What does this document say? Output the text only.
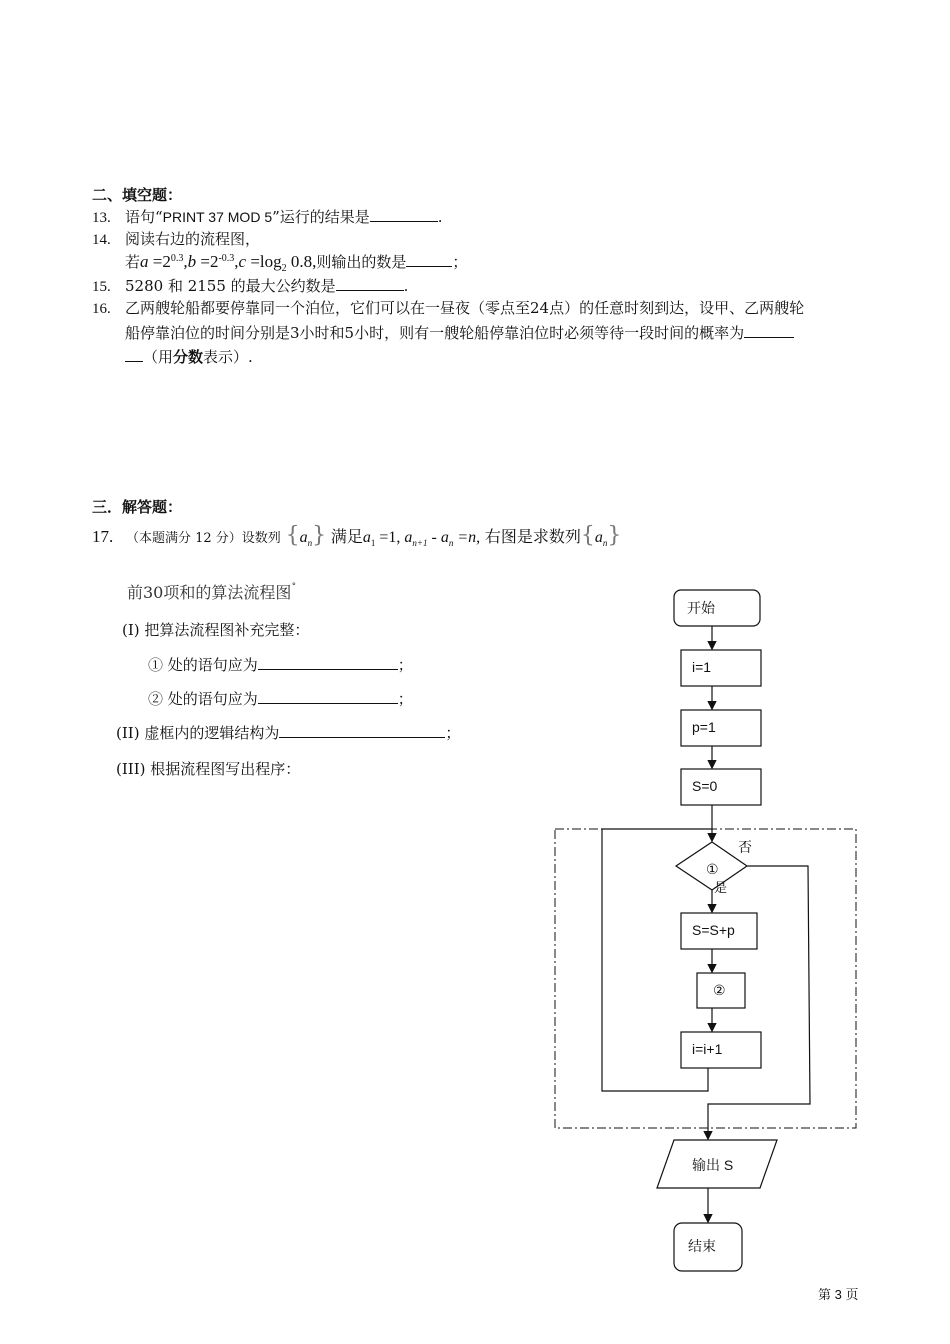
二、填空题：
13. 语句“PRINT 37 MOD 5”运行的结果是	.
14. 阅读右边的流程图，
若$a =2^{0.3},b =2^{-0.3},c =\log_2$ 0.8,则输出的数是	；
15. 5280 和 2155 的最大公约数是	.
16. 乙两艘轮船都要停靠同一个泊位，它们可以在一昼夜（零点至24点）的任意时刻到达，设甲、乙两艘轮
船停靠泊位的时间分别是3小时和5小时，则有一艘轮船停靠泊位时必须等待一段时间的概率为
（用分数表示）.
三．解答题：
17. （本题满分 12 分）设数列 $\{a_n\}$ 满足$a_1 =1$, $a_{n+1} - a_n =n$, 右图是求数列$\{a_n\}$
前30项和的算法流程图˚
(I) 把算法流程图补充完整：
① 处的语句应为	；
② 处的语句应为	；
(II) 虚框内的逻辑结构为	；
(III) 根据流程图写出程序：
开始
i=1
p=1
S=0
①
否
是
S=S+p
②
i=i+1
输出 S
结束
第 3 页
